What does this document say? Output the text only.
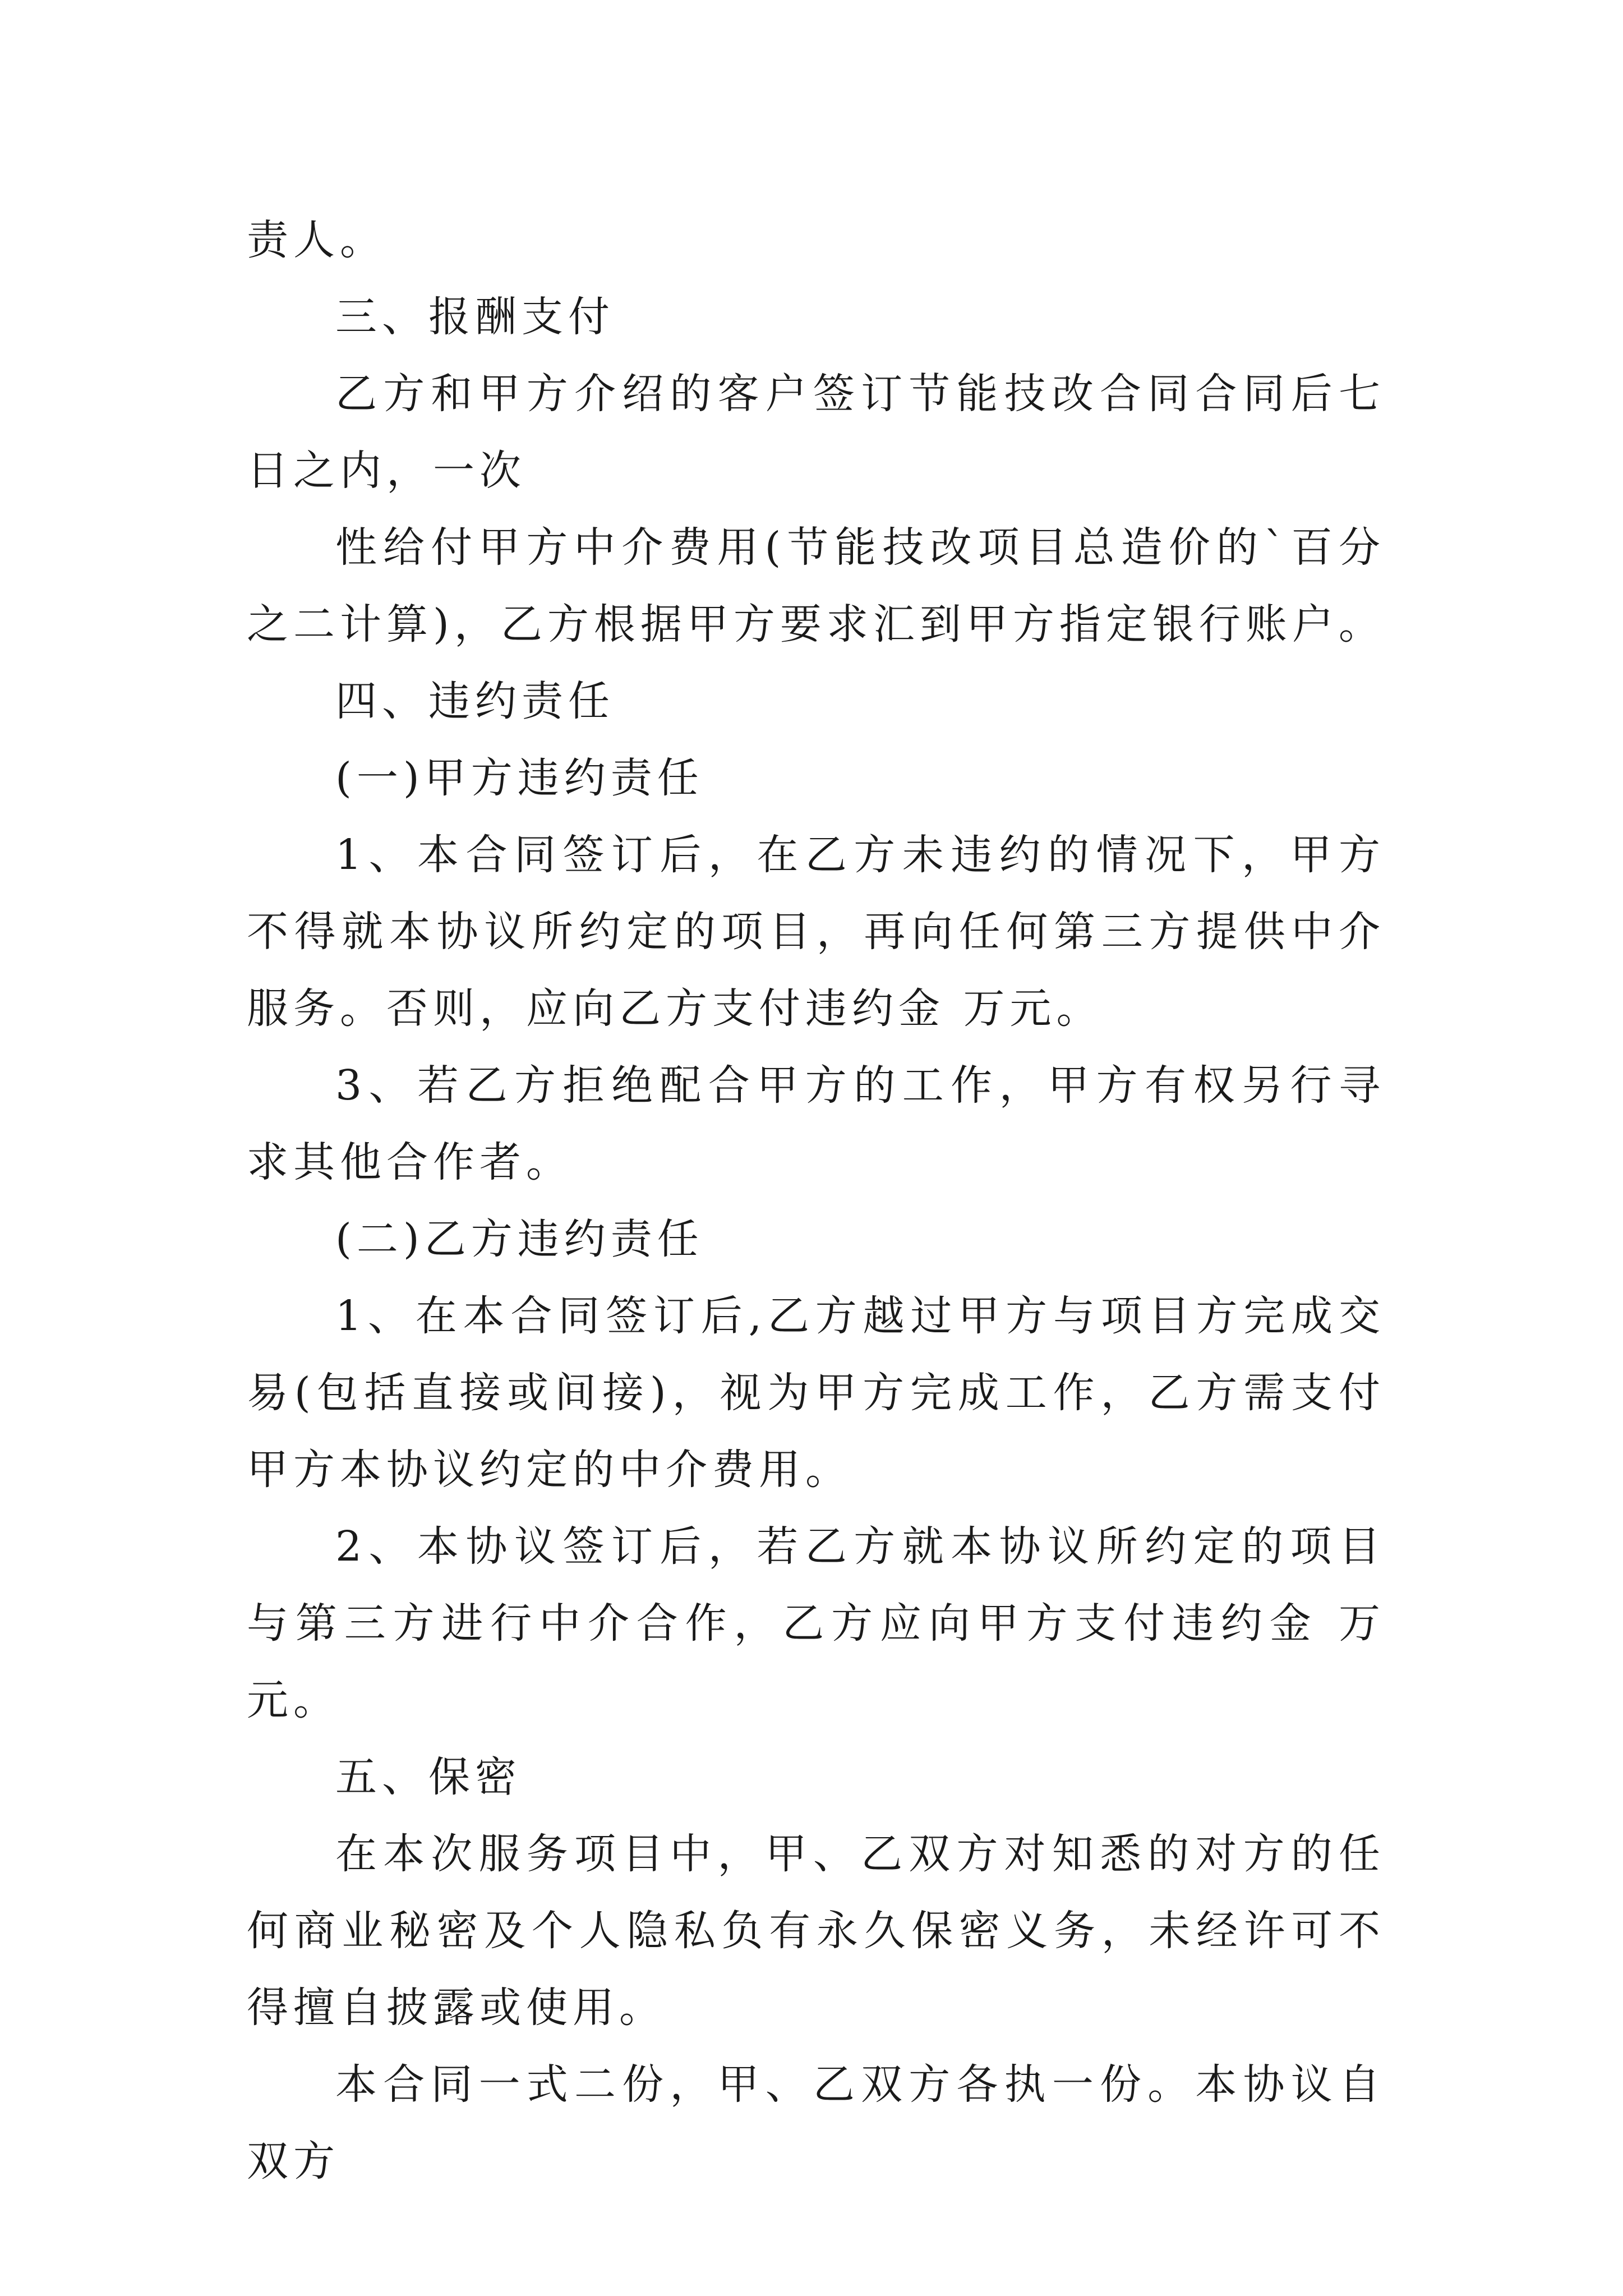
责人。

三、报酬支付

乙方和甲方介绍的客户签订节能技改合同合同后七日之内，一次

性给付甲方中介费用(节能技改项目总造价的`百分之二计算)，乙方根据甲方要求汇到甲方指定银行账户。

四、违约责任

(一)甲方违约责任

1、本合同签订后，在乙方未违约的情况下，甲方不得就本协议所约定的项目，再向任何第三方提供中介服务。否则，应向乙方支付违约金 万元。

3、若乙方拒绝配合甲方的工作，甲方有权另行寻求其他合作者。

(二)乙方违约责任

1、在本合同签订后,乙方越过甲方与项目方完成交易(包括直接或间接)，视为甲方完成工作，乙方需支付甲方本协议约定的中介费用。

2、本协议签订后，若乙方就本协议所约定的项目与第三方进行中介合作，乙方应向甲方支付违约金 万元。

五、保密

在本次服务项目中，甲、乙双方对知悉的对方的任何商业秘密及个人隐私负有永久保密义务，未经许可不得擅自披露或使用。

本合同一式二份，甲、乙双方各执一份。本协议自双方
